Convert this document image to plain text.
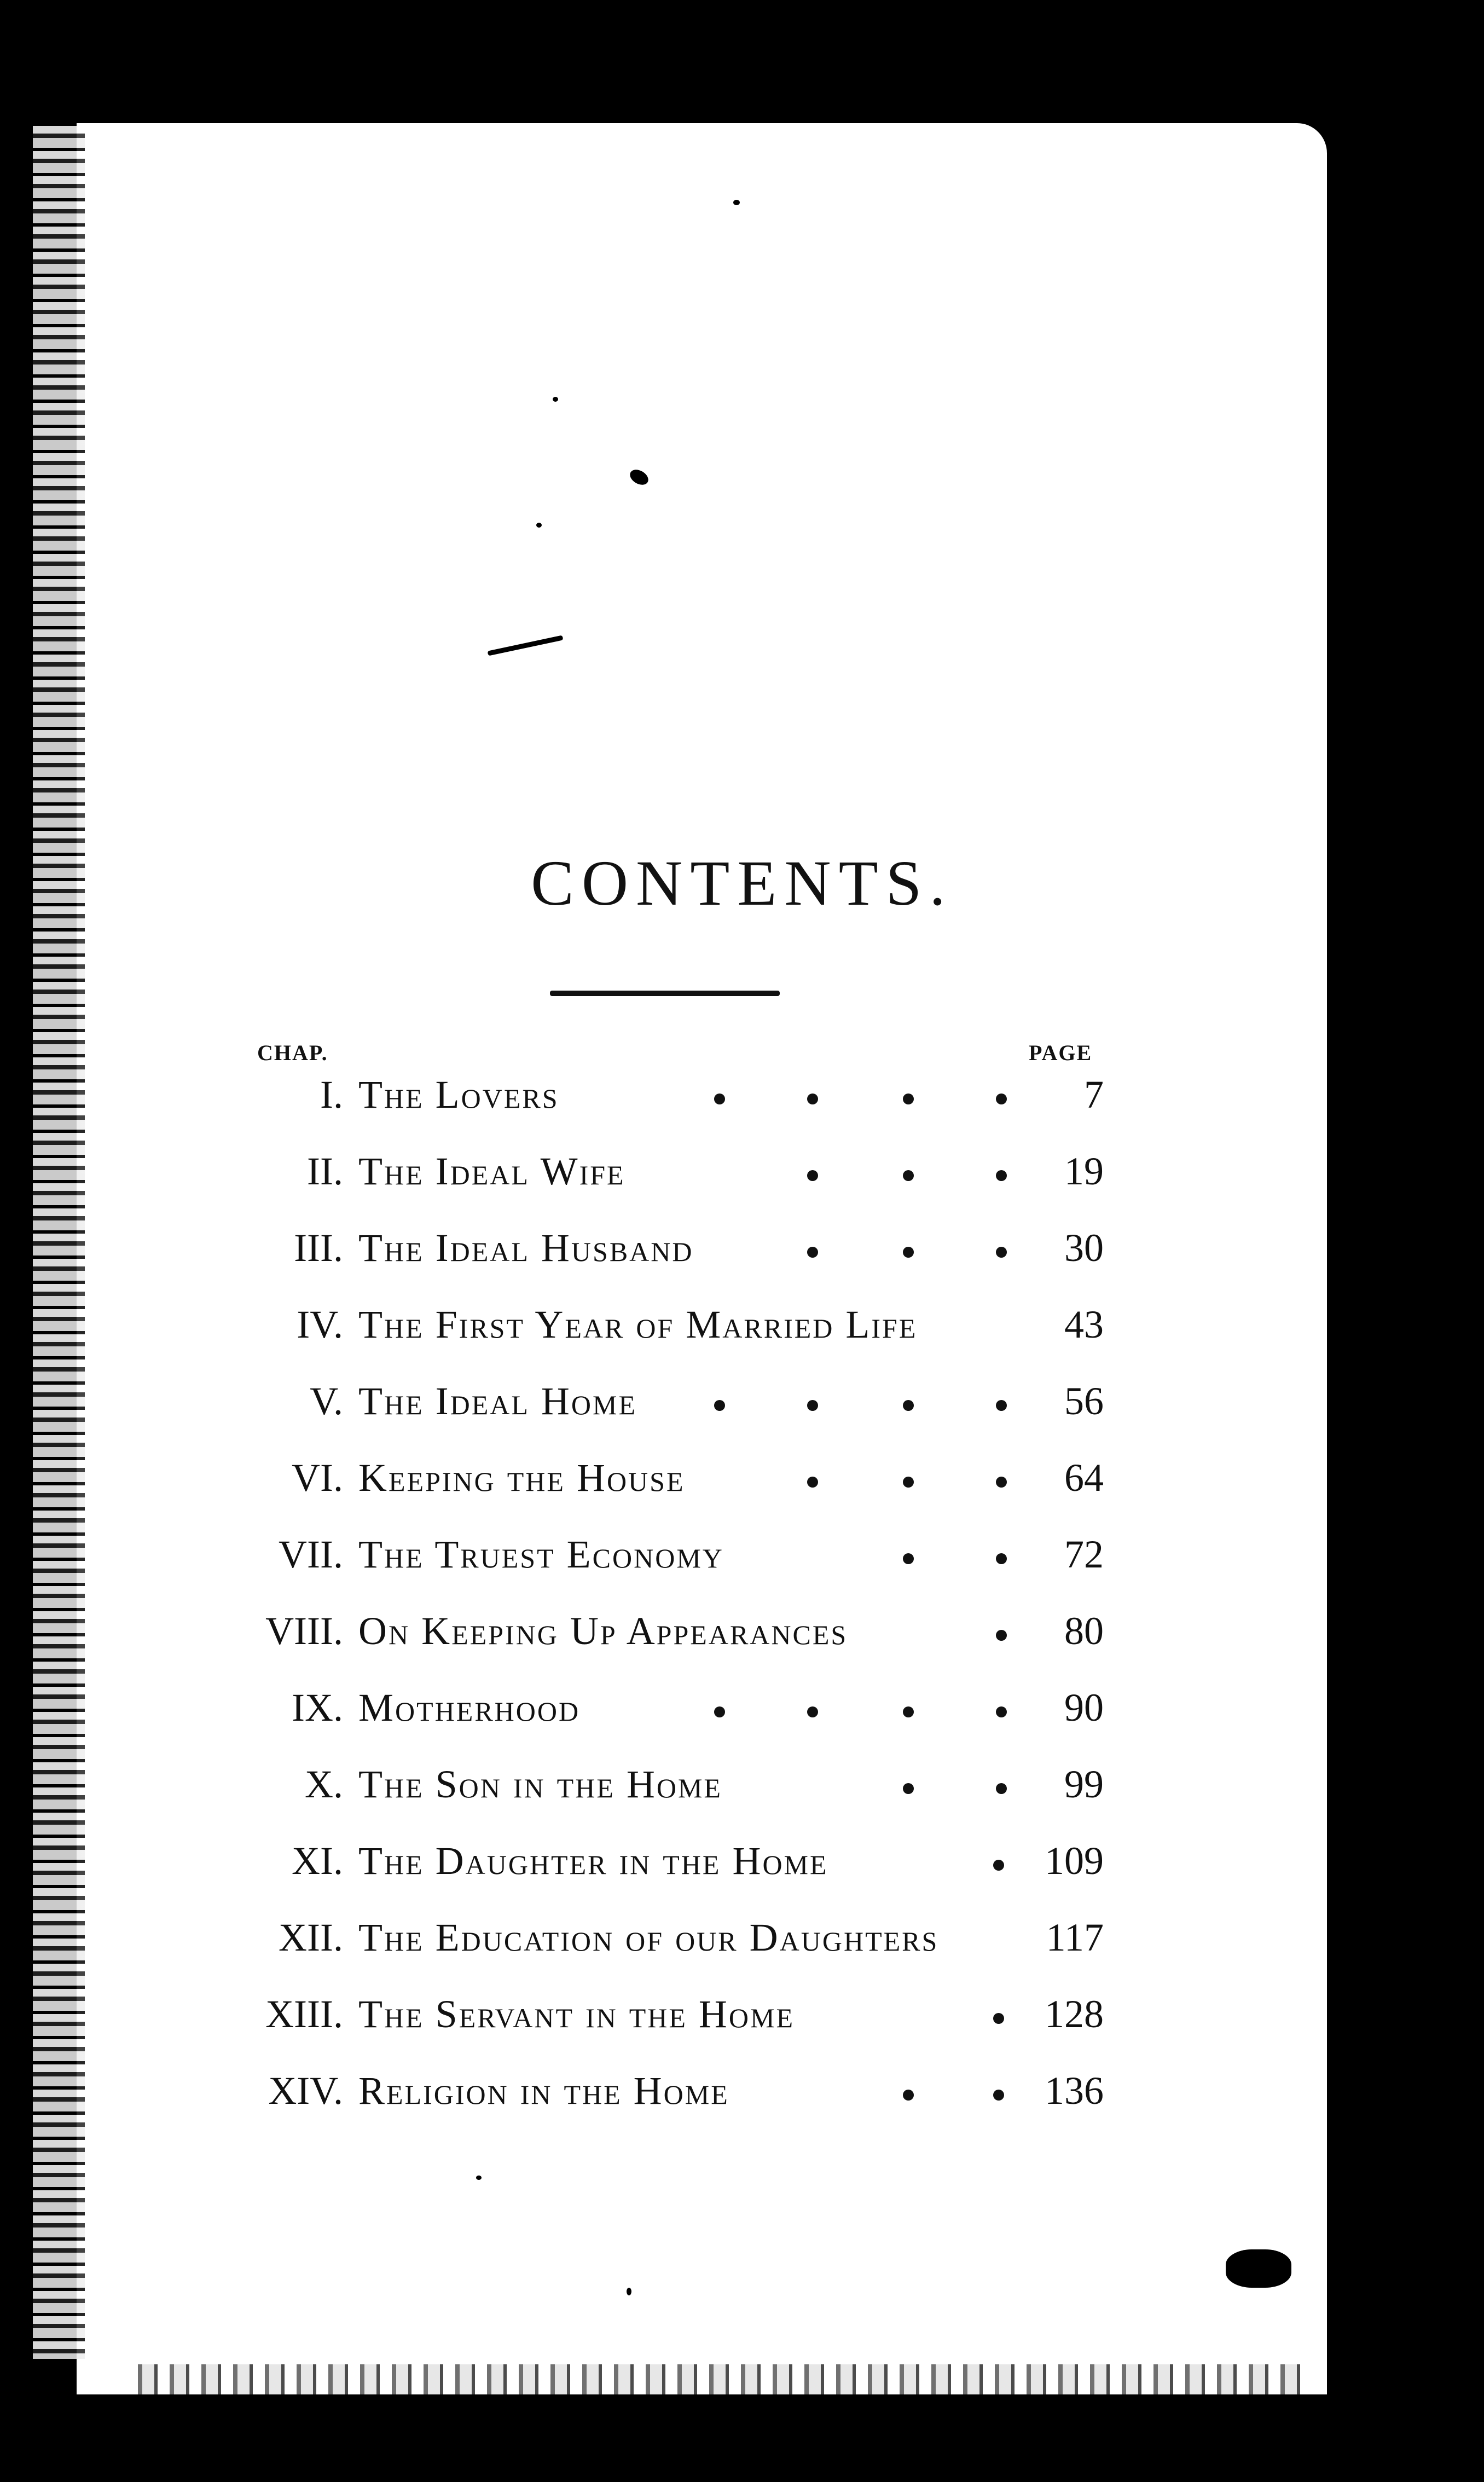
CONTENTS.
CHAP.	PAGE
I. The Lovers	7
II. The Ideal Wife	19
III. The Ideal Husband	30
IV. The First Year of Married Life	43
V. The Ideal Home	56
VI. Keeping the House	64
VII. The Truest Economy	72
VIII. On Keeping Up Appearances	80
IX. Motherhood	90
X. The Son in the Home	99
XI. The Daughter in the Home	109
XII. The Education of our Daughters	117
XIII. The Servant in the Home	128
XIV. Religion in the Home	136
